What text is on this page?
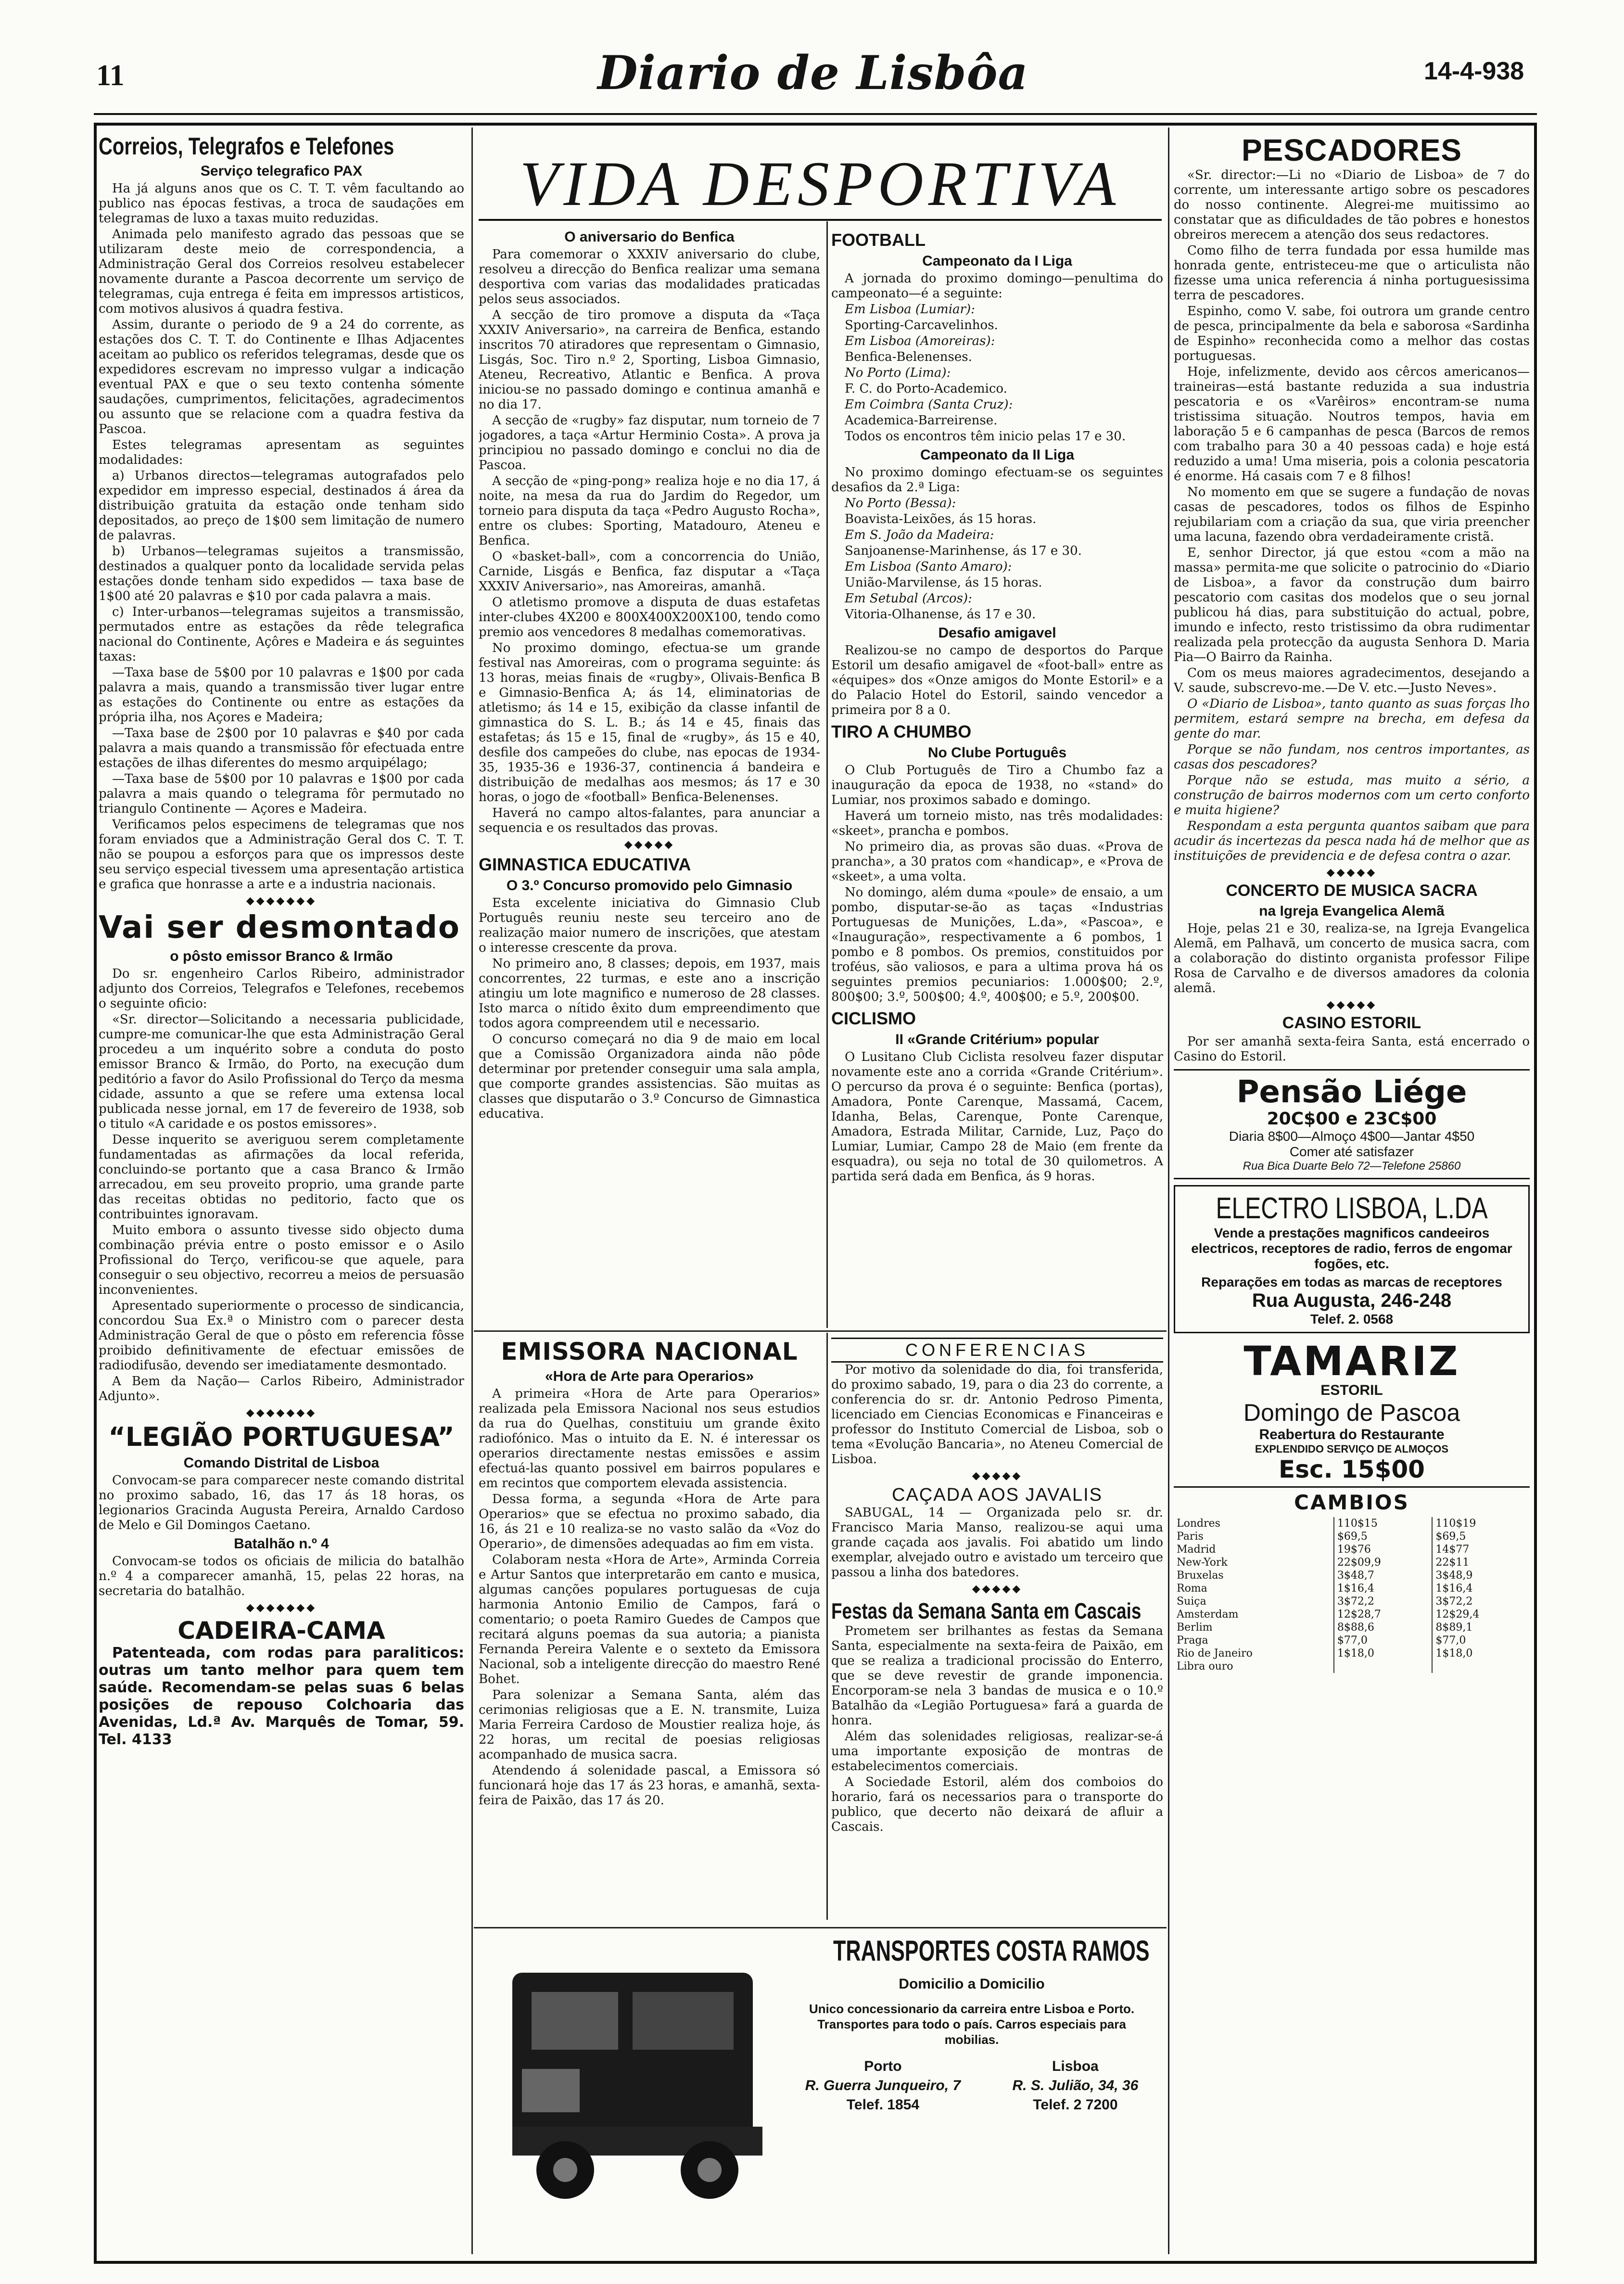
11	Diario de Lisbôa	14-4-938
Correios, Telegrafos e Telefones
Serviço telegrafico PAX

Ha já alguns anos que os C. T. T. vêm facultando ao publico nas épocas festivas, a troca de saudações em telegramas de luxo a taxas muito reduzidas.

Animada pelo manifesto agrado das pessoas que se utilizaram deste meio de correspondencia, a Administração Geral dos Correios resolveu estabelecer novamente durante a Pascoa decorrente um serviço de telegramas, cuja entrega é feita em impressos artisticos, com motivos alusivos á quadra festiva.

Assim, durante o periodo de 9 a 24 do corrente, as estações dos C. T. T. do Continente e Ilhas Adjacentes aceitam ao publico os referidos telegramas, desde que os expedidores escrevam no impresso vulgar a indicação eventual PAX e que o seu texto contenha sómente saudações, cumprimentos, felicitações, agradecimentos ou assunto que se relacione com a quadra festiva da Pascoa.

Estes telegramas apresentam as seguintes modalidades:

a) Urbanos directos—telegramas autografados pelo expedidor em impresso especial, destinados á área da distribuição gratuita da estação onde tenham sido depositados, ao preço de 1$00 sem limitação de numero de palavras.

b) Urbanos—telegramas sujeitos a transmissão, destinados a qualquer ponto da localidade servida pelas estações donde tenham sido expedidos — taxa base de 1$00 até 20 palavras e $10 por cada palavra a mais.

c) Inter-urbanos—telegramas sujeitos a transmissão, permutados entre as estações da rêde telegrafica nacional do Continente, Açôres e Madeira e ás seguintes taxas:

—Taxa base de 5$00 por 10 palavras e 1$00 por cada palavra a mais, quando a transmissão tiver lugar entre as estações do Continente ou entre as estações da própria ilha, nos Açores e Madeira;

—Taxa base de 2$00 por 10 palavras e $40 por cada palavra a mais quando a transmissão fôr efectuada entre estações de ilhas diferentes do mesmo arquipélago;

—Taxa base de 5$00 por 10 palavras e 1$00 por cada palavra a mais quando o telegrama fôr permutado no triangulo Continente — Açores e Madeira.

Verificamos pelos especimens de telegramas que nos foram enviados que a Administração Geral dos C. T. T. não se poupou a esforços para que os impressos deste seu serviço especial tivessem uma apresentação artistica e grafica que honrasse a arte e a industria nacionais.

◆◆◆◆◆◆◆
Vai ser desmontado
o pôsto emissor Branco & Irmão

Do sr. engenheiro Carlos Ribeiro, administrador adjunto dos Correios, Telegrafos e Telefones, recebemos o seguinte oficio:

«Sr. director—Solicitando a necessaria publicidade, cumpre-me comunicar-lhe que esta Administração Geral procedeu a um inquérito sobre a conduta do posto emissor Branco & Irmão, do Porto, na execução dum peditório a favor do Asilo Profissional do Terço da mesma cidade, assunto a que se refere uma extensa local publicada nesse jornal, em 17 de fevereiro de 1938, sob o titulo «A caridade e os postos emissores».

Desse inquerito se averiguou serem completamente fundamentadas as afirmações da local referida, concluindo-se portanto que a casa Branco & Irmão arrecadou, em seu proveito proprio, uma grande parte das receitas obtidas no peditorio, facto que os contribuintes ignoravam.

Muito embora o assunto tivesse sido objecto duma combinação prévia entre o posto emissor e o Asilo Profissional do Terço, verificou-se que aquele, para conseguir o seu objectivo, recorreu a meios de persuasão inconvenientes.

Apresentado superiormente o processo de sindicancia, concordou Sua Ex.ª o Ministro com o parecer desta Administração Geral de que o pôsto em referencia fôsse proibido definitivamente de efectuar emissões de radiodifusão, devendo ser imediatamente desmontado.

A Bem da Nação— Carlos Ribeiro, Administrador Adjunto».

◆◆◆◆◆◆◆
“LEGIÃO PORTUGUESA”
Comando Distrital de Lisboa

Convocam-se para comparecer neste comando distrital no proximo sabado, 16, das 17 ás 18 horas, os legionarios Gracinda Augusta Pereira, Arnaldo Cardoso de Melo e Gil Domingos Caetano.

Batalhão n.º 4

Convocam-se todos os oficiais de milicia do batalhão n.º 4 a comparecer amanhã, 15, pelas 22 horas, na secretaria do batalhão.

◆◆◆◆◆◆◆
CADEIRA-CAMA

Patenteada, com rodas para paraliticos: outras um tanto melhor para quem tem saúde. Recomendam-se pelas suas 6 belas posições de repouso Colchoaria das Avenidas, Ld.ª Av. Marquês de Tomar, 59. Tel. 4133

VIDA DESPORTIVA
O aniversario do Benfica

Para comemorar o XXXIV aniversario do clube, resolveu a direcção do Benfica realizar uma semana desportiva com varias das modalidades praticadas pelos seus associados.

A secção de tiro promove a disputa da «Taça XXXIV Aniversario», na carreira de Benfica, estando inscritos 70 atiradores que representam o Gimnasio, Lisgás, Soc. Tiro n.º 2, Sporting, Lisboa Gimnasio, Ateneu, Recreativo, Atlantic e Benfica. A prova iniciou-se no passado domingo e continua amanhã e no dia 17.

A secção de «rugby» faz disputar, num torneio de 7 jogadores, a taça «Artur Herminio Costa». A prova ja principiou no passado domingo e conclui no dia de Pascoa.

A secção de «ping-pong» realiza hoje e no dia 17, á noite, na mesa da rua do Jardim do Regedor, um torneio para disputa da taça «Pedro Augusto Rocha», entre os clubes: Sporting, Matadouro, Ateneu e Benfica.

O «basket-ball», com a concorrencia do União, Carnide, Lisgás e Benfica, faz disputar a «Taça XXXIV Aniversario», nas Amoreiras, amanhã.

O atletismo promove a disputa de duas estafetas inter-clubes 4X200 e 800X400X200X100, tendo como premio aos vencedores 8 medalhas comemorativas.

No proximo domingo, efectua-se um grande festival nas Amoreiras, com o programa seguinte: ás 13 horas, meias finais de «rugby», Olivais-Benfica B e Gimnasio-Benfica A; ás 14, eliminatorias de atletismo; ás 14 e 15, exibição da classe infantil de gimnastica do S. L. B.; ás 14 e 45, finais das estafetas; ás 15 e 15, final de «rugby», ás 15 e 40, desfile dos campeões do clube, nas epocas de 1934-35, 1935-36 e 1936-37, continencia á bandeira e distribuição de medalhas aos mesmos; ás 17 e 30 horas, o jogo de «football» Benfica-Belenenses.

Haverá no campo altos-falantes, para anunciar a sequencia e os resultados das provas.

◆◆◆◆◆
GIMNASTICA EDUCATIVA
O 3.º Concurso promovido pelo Gimnasio

Esta excelente iniciativa do Gimnasio Club Português reuniu neste seu terceiro ano de realização maior numero de inscrições, que atestam o interesse crescente da prova.

No primeiro ano, 8 classes; depois, em 1937, mais concorrentes, 22 turmas, e este ano a inscrição atingiu um lote magnifico e numeroso de 28 classes. Isto marca o nítido êxito dum empreendimento que todos agora compreendem util e necessario.

O concurso começará no dia 9 de maio em local que a Comissão Organizadora ainda não pôde determinar por pretender conseguir uma sala ampla, que comporte grandes assistencias. São muitas as classes que disputarão o 3.º Concurso de Gimnastica educativa.

FOOTBALL
Campeonato da I Liga

A jornada do proximo domingo—penultima do campeonato—é a seguinte:

Em Lisboa (Lumiar):

Sporting-Carcavelinhos.

Em Lisboa (Amoreiras):

Benfica-Belenenses.

No Porto (Lima):

F. C. do Porto-Academico.

Em Coimbra (Santa Cruz):

Academica-Barreirense.

Todos os encontros têm inicio pelas 17 e 30.

Campeonato da II Liga

No proximo domingo efectuam-se os seguintes desafios da 2.ª Liga:

No Porto (Bessa):

Boavista-Leixões, ás 15 horas.

Em S. João da Madeira:

Sanjoanense-Marinhense, ás 17 e 30.

Em Lisboa (Santo Amaro):

União-Marvilense, ás 15 horas.

Em Setubal (Arcos):

Vitoria-Olhanense, ás 17 e 30.

Desafio amigavel

Realizou-se no campo de desportos do Parque Estoril um desafio amigavel de «foot-ball» entre as «équipes» dos «Onze amigos do Monte Estoril» e a do Palacio Hotel do Estoril, saindo vencedor a primeira por 8 a 0.

TIRO A CHUMBO
No Clube Português

O Club Português de Tiro a Chumbo faz a inauguração da epoca de 1938, no «stand» do Lumiar, nos proximos sabado e domingo.

Haverá um torneio misto, nas três modalidades: «skeet», prancha e pombos.

No primeiro dia, as provas são duas. «Prova de prancha», a 30 pratos com «handicap», e «Prova de «skeet», a uma volta.

No domingo, além duma «poule» de ensaio, a um pombo, disputar-se-ão as taças «Industrias Portuguesas de Munições, L.da», «Pascoa», e «Inauguração», respectivamente a 6 pombos, 1 pombo e 8 pombos. Os premios, constituidos por troféus, são valiosos, e para a ultima prova há os seguintes premios pecuniarios: 1.000$00; 2.º, 800$00; 3.º, 500$00; 4.º, 400$00; e 5.º, 200$00.

CICLISMO
II «Grande Critérium» popular

O Lusitano Club Ciclista resolveu fazer disputar novamente este ano a corrida «Grande Critérium». O percurso da prova é o seguinte: Benfica (portas), Amadora, Ponte Carenque, Massamá, Cacem, Idanha, Belas, Carenque, Ponte Carenque, Amadora, Estrada Militar, Carnide, Luz, Paço do Lumiar, Lumiar, Campo 28 de Maio (em frente da esquadra), ou seja no total de 30 quilometros. A partida será dada em Benfica, ás 9 horas.

EMISSORA NACIONAL
«Hora de Arte para Operarios»

A primeira «Hora de Arte para Operarios» realizada pela Emissora Nacional nos seus estudios da rua do Quelhas, constituiu um grande êxito radiofónico. Mas o intuito da E. N. é interessar os operarios directamente nestas emissões e assim efectuá-las quanto possivel em bairros populares e em recintos que comportem elevada assistencia.

Dessa forma, a segunda «Hora de Arte para Operarios» que se efectua no proximo sabado, dia 16, ás 21 e 10 realiza-se no vasto salão da «Voz do Operario», de dimensões adequadas ao fim em vista.

Colaboram nesta «Hora de Arte», Arminda Correia e Artur Santos que interpretarão em canto e musica, algumas canções populares portuguesas de cuja harmonia Antonio Emilio de Campos, fará o comentario; o poeta Ramiro Guedes de Campos que recitará alguns poemas da sua autoria; a pianista Fernanda Pereira Valente e o sexteto da Emissora Nacional, sob a inteligente direcção do maestro René Bohet.

Para solenizar a Semana Santa, além das cerimonias religiosas que a E. N. transmite, Luiza Maria Ferreira Cardoso de Moustier realiza hoje, ás 22 horas, um recital de poesias religiosas acompanhado de musica sacra.

Atendendo á solenidade pascal, a Emissora só funcionará hoje das 17 ás 23 horas, e amanhã, sexta-feira de Paixão, das 17 ás 20.

CONFERENCIAS

Por motivo da solenidade do dia, foi transferida, do proximo sabado, 19, para o dia 23 do corrente, a conferencia do sr. dr. Antonio Pedroso Pimenta, licenciado em Ciencias Economicas e Financeiras e professor do Instituto Comercial de Lisboa, sob o tema «Evolução Bancaria», no Ateneu Comercial de Lisboa.

◆◆◆◆◆
CAÇADA AOS JAVALIS

SABUGAL, 14 — Organizada pelo sr. dr. Francisco Maria Manso, realizou-se aqui uma grande caçada aos javalis. Foi abatido um lindo exemplar, alvejado outro e avistado um terceiro que passou a linha dos batedores.

◆◆◆◆◆
Festas da Semana Santa em Cascais

Prometem ser brilhantes as festas da Semana Santa, especialmente na sexta-feira de Paixão, em que se realiza a tradicional procissão do Enterro, que se deve revestir de grande imponencia. Encorporam-se nela 3 bandas de musica e o 10.º Batalhão da «Legião Portuguesa» fará a guarda de honra.

Além das solenidades religiosas, realizar-se-á uma importante exposição de montras de estabelecimentos comerciais.

A Sociedade Estoril, além dos comboios do horario, fará os necessarios para o transporte do publico, que decerto não deixará de afluir a Cascais.

TRANSPORTES COSTA RAMOS
Domicilio a Domicilio
Unico concessionario da carreira entre Lisboa e Porto. Transportes para todo o país. Carros especiais para mobilias.
Porto
R. Guerra Junqueiro, 7
Telef. 1854
Lisboa
R. S. Julião, 34, 36
Telef. 2 7200
PESCADORES

«Sr. director:—Li no «Diario de Lisboa» de 7 do corrente, um interessante artigo sobre os pescadores do nosso continente. Alegrei-me muitissimo ao constatar que as dificuldades de tão pobres e honestos obreiros merecem a atenção dos seus redactores.

Como filho de terra fundada por essa humilde mas honrada gente, entristeceu-me que o articulista não fizesse uma unica referencia á ninha portuguesissima terra de pescadores.

Espinho, como V. sabe, foi outrora um grande centro de pesca, principalmente da bela e saborosa «Sardinha de Espinho» reconhecida como a melhor das costas portuguesas.

Hoje, infelizmente, devido aos cêrcos americanos—traineiras—está bastante reduzida a sua industria pescatoria e os «Varêiros» encontram-se numa tristissima situação. Noutros tempos, havia em laboração 5 e 6 campanhas de pesca (Barcos de remos com trabalho para 30 a 40 pessoas cada) e hoje está reduzido a uma! Uma miseria, pois a colonia pescatoria é enorme. Há casais com 7 e 8 filhos!

No momento em que se sugere a fundação de novas casas de pescadores, todos os filhos de Espinho rejubilariam com a criação da sua, que viria preencher uma lacuna, fazendo obra verdadeiramente cristã.

E, senhor Director, já que estou «com a mão na massa» permita-me que solicite o patrocinio do «Diario de Lisboa», a favor da construção dum bairro pescatorio com casitas dos modelos que o seu jornal publicou há dias, para substituição do actual, pobre, imundo e infecto, resto tristissimo da obra rudimentar realizada pela protecção da augusta Senhora D. Maria Pia—O Bairro da Rainha.

Com os meus maiores agradecimentos, desejando a V. saude, subscrevo-me.—De V. etc.—Justo Neves».

O «Diario de Lisboa», tanto quanto as suas forças lho permitem, estará sempre na brecha, em defesa da gente do mar.

Porque se não fundam, nos centros importantes, as casas dos pescadores?

Porque não se estuda, mas muito a sério, a construção de bairros modernos com um certo conforto e muita higiene?

Respondam a esta pergunta quantos saibam que para acudir ás incertezas da pesca nada há de melhor que as instituições de previdencia e de defesa contra o azar.

◆◆◆◆◆
CONCERTO DE MUSICA SACRA
na Igreja Evangelica Alemã

Hoje, pelas 21 e 30, realiza-se, na Igreja Evangelica Alemã, em Palhavã, um concerto de musica sacra, com a colaboração do distinto organista professor Filipe Rosa de Carvalho e de diversos amadores da colonia alemã.

◆◆◆◆◆
CASINO ESTORIL

Por ser amanhã sexta-feira Santa, está encerrado o Casino do Estoril.

Pensão Liége
20C$00 e 23C$00
Diaria 8$00—Almoço 4$00—Jantar 4$50
Comer até satisfazer
Rua Bica Duarte Belo 72—Telefone 25860
ELECTRO LISBOA, L.DA
Vende a prestações magnificos candeeiros electricos, receptores de radio, ferros de engomar fogões, etc.
Reparações em todas as marcas de receptores
Rua Augusta, 246-248
Telef. 2. 0568
TAMARIZ
ESTORIL
Domingo de Pascoa
Reabertura do Restaurante
EXPLENDIDO SERVIÇO DE ALMOÇOS
Esc. 15$00
CAMBIOS
Londres	110$15	110$19
Paris	$69,5	$69,5
Madrid	19$76	14$77
New-York	22$09,9	22$11
Bruxelas	3$48,7	3$48,9
Roma	1$16,4	1$16,4
Suiça	3$72,2	3$72,2
Amsterdam	12$28,7	12$29,4
Berlim	8$88,6	8$89,1
Praga	$77,0	$77,0
Rio de Janeiro	1$18,0	1$18,0
Libra ouro		
